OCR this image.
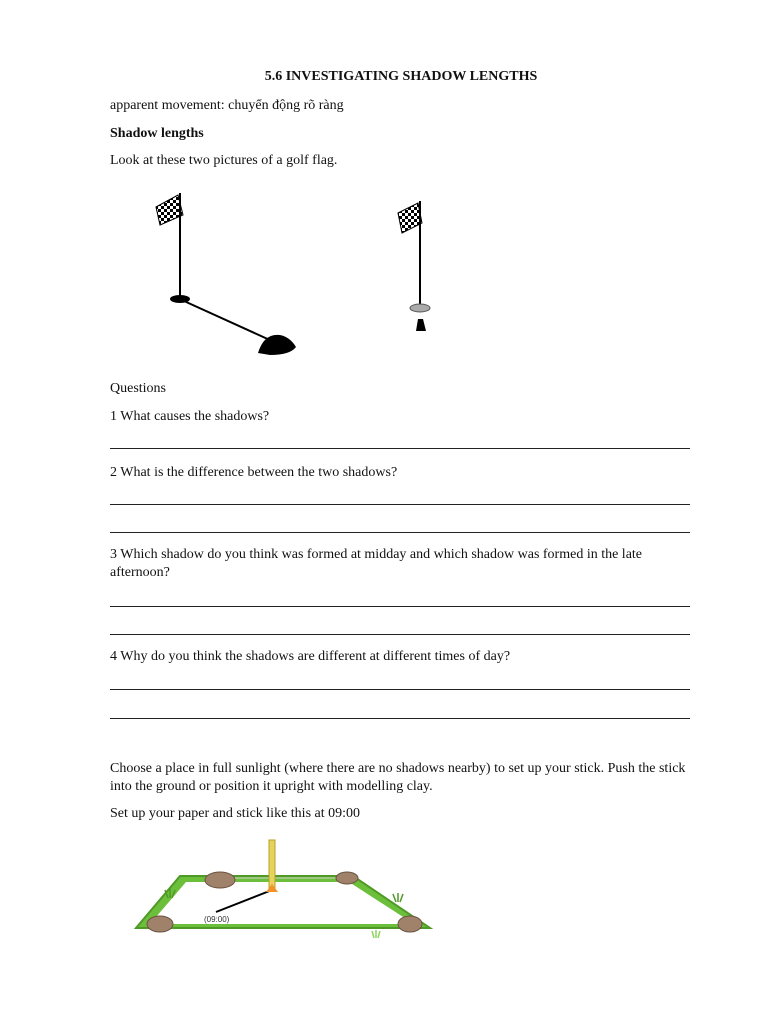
5.6 INVESTIGATING SHADOW LENGTHS

apparent movement: chuyển động rõ ràng

Shadow lengths

Look at these two pictures of a golf flag.

Questions

1 What causes the shadows?

2 What is the difference between the two shadows?

3 Which shadow do you think was formed at midday and which shadow was formed in the late afternoon?

4 Why do you think the shadows are different at different times of day?

Choose a place in full sunlight (where there are no shadows nearby) to set up your stick. Push the stick into the ground or position it upright with modelling clay.

Set up your paper and stick like this at 09:00

(09:00)
